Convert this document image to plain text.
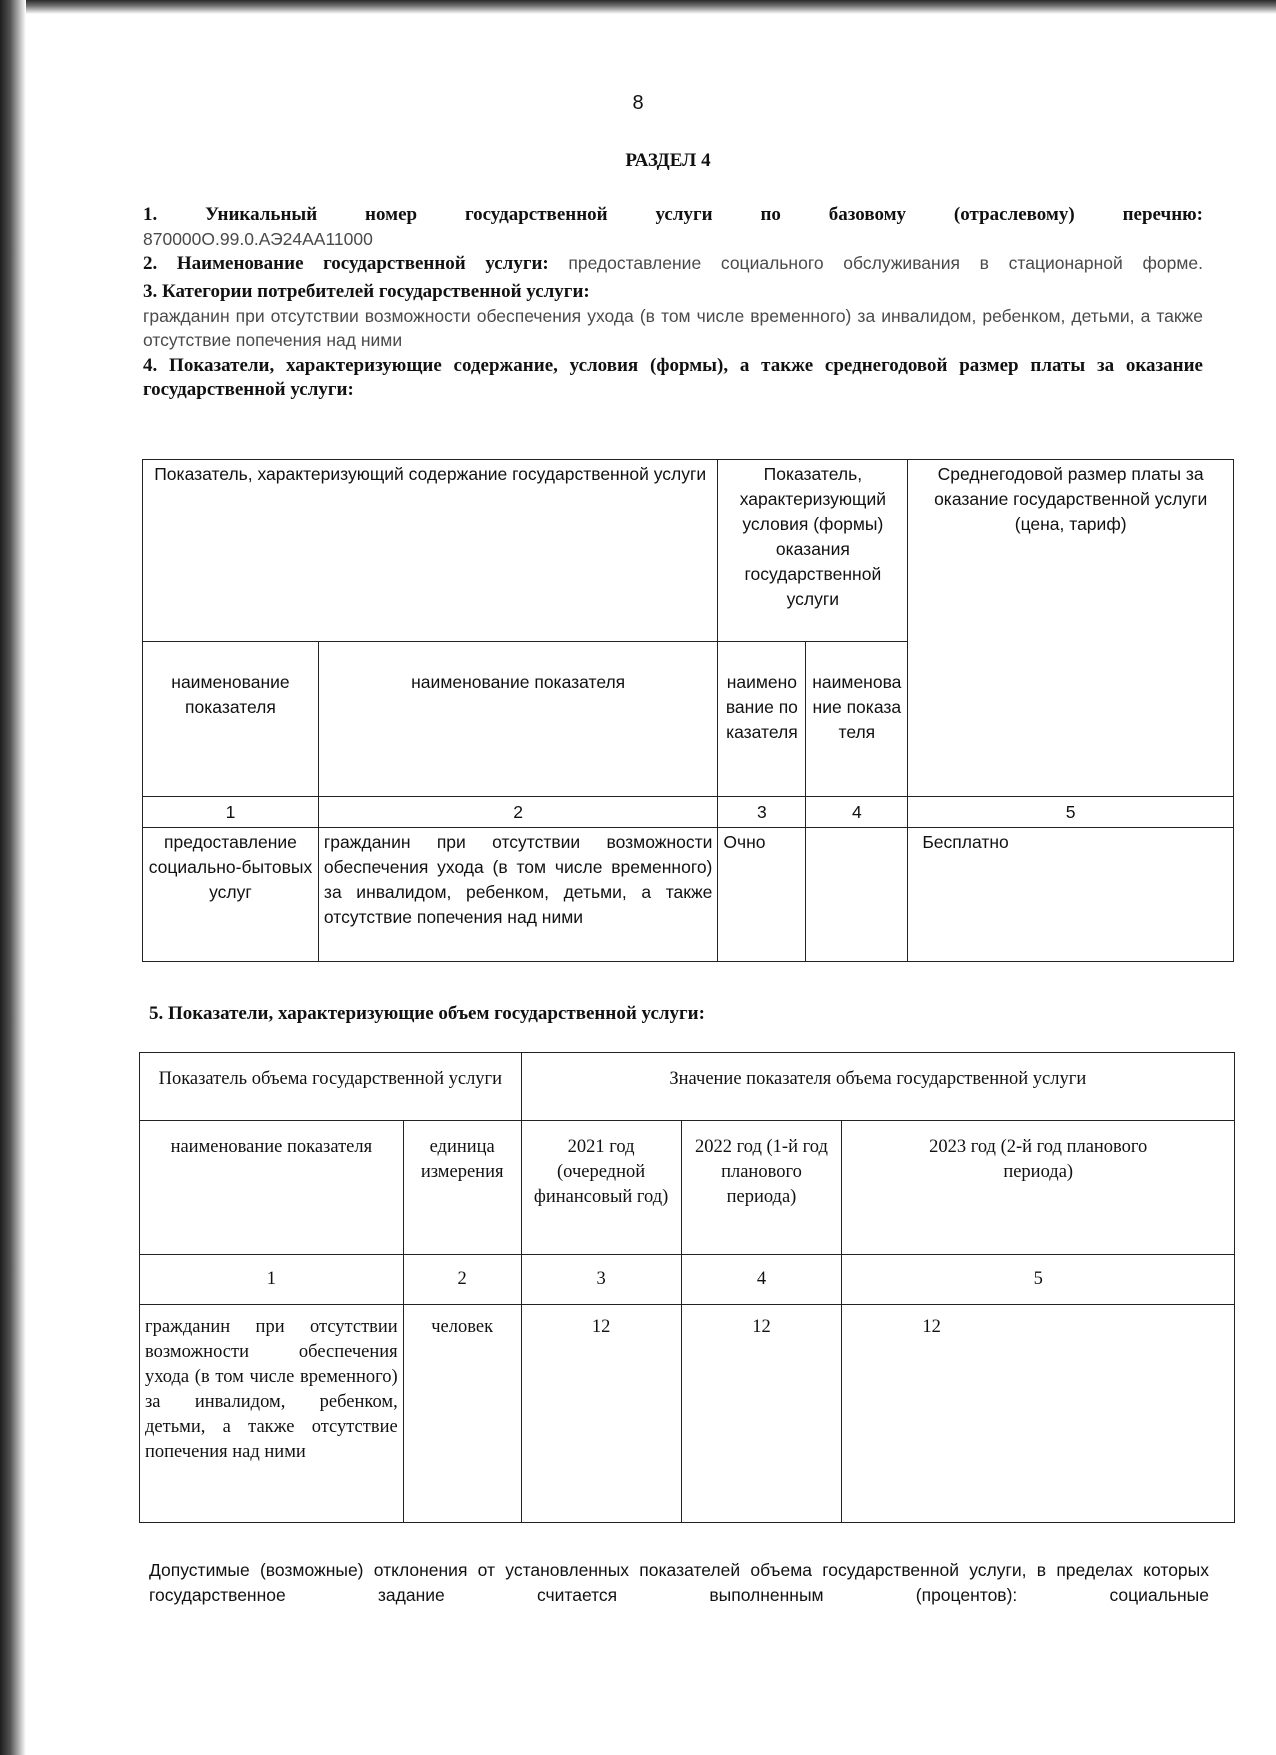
8
РАЗДЕЛ 4

1. Уникальный номер государственной услуги по базовому (отраслевому) перечню:

870000О.99.0.АЭ24АА11000

2. Наименование государственной услуги: предоставление социального обслуживания в стационарной форме.

3. Категории потребителей государственной услуги:

гражданин при отсутствии возможности обеспечения ухода (в том числе временного) за инвалидом, ребенком, детьми, а также отсутствие попечения над ними

4. Показатели, характеризующие содержание, условия (формы), а также среднегодовой размер платы за оказание государственной услуги:

Показатель, характеризующий содержание государственной услуги		Показатель, характеризующий условия (формы) оказания государственной услуги		Среднегодовой размер платы за оказание государственной услуги (цена, тариф)
наименование показателя	наименование показателя	наименование показателя	наименование показателя	
1	2	3	4	5
предоставление социально-бытовых услуг	гражданин при отсутствии возможности обеспечения ухода (в том числе временного) за инвалидом, ребенком, детьми, а также отсутствие попечения над ними	Очно		Бесплатно
5. Показатели, характеризующие объем государственной услуги:
Показатель объема государственной услуги		Значение показателя объема государственной услуги		
наименование показателя	единица измерения	2021 год (очередной финансовый год)	2022 год (1-й год планового периода)	2023 год (2-й год планового периода)
1	2	3	4	5
гражданин при отсутствии возможности обеспечения ухода (в том числе временного) за инвалидом, ребенком, детьми, а также отсутствие попечения над ними	человек	12	12	12
Допустимые (возможные) отклонения от установленных показателей объема государственной услуги, в пределах которых государственное задание считается выполненным (процентов): социальные
